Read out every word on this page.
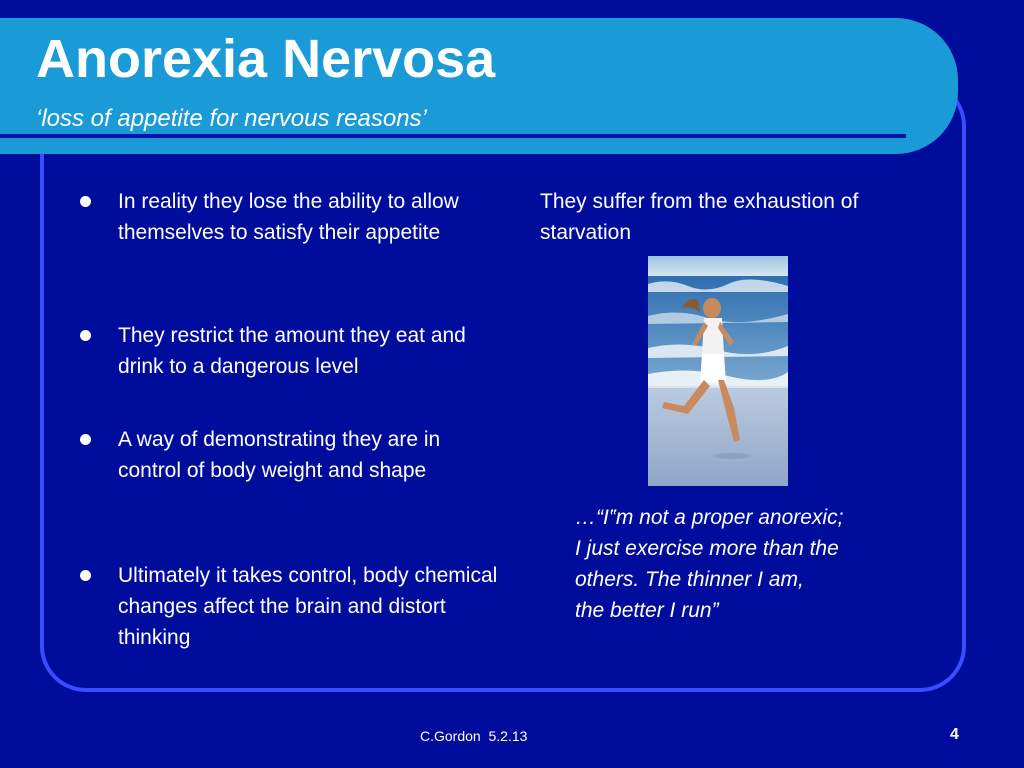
Anorexia Nervosa

‘loss of appetite for nervous reasons’

In reality they lose the ability to allow themselves to satisfy their appetite
They restrict the amount they eat and drink to a dangerous level
A way of demonstrating they are in control of body weight and shape
Ultimately it takes control, body chemical changes affect the brain and distort thinking

They suffer from the exhaustion of starvation

…“I‟m not a proper anorexic;
I just exercise more than the
others. The thinner I am,
the better I run”

C.Gordon  5.2.13	4
